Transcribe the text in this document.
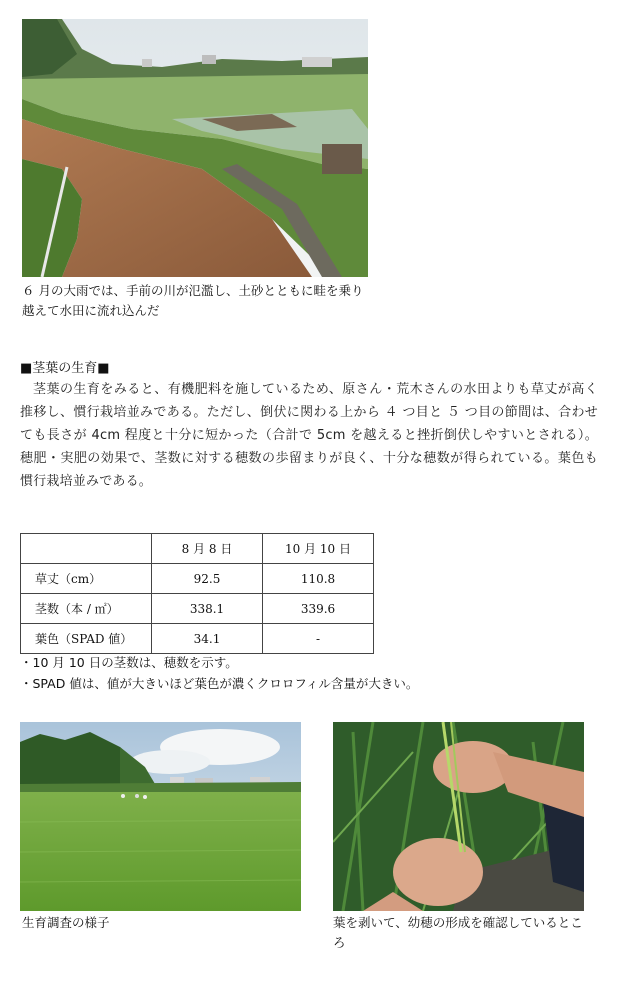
６ 月の大雨では、手前の川が氾濫し、土砂とともに畦を乗り越えて水田に流れ込んだ
■茎葉の生育■
茎葉の生育をみると、有機肥料を施しているため、原さん・荒木さんの水田よりも草丈が高く推移し、慣行栽培並みである。ただし、倒伏に関わる上から ４ つ目と ５ つ目の節間は、合わせても長さが 4cm 程度と十分に短かった（合計で 5cm を越えると挫折倒伏しやすいとされる）。穂肥・実肥の効果で、茎数に対する穂数の歩留まりが良く、十分な穂数が得られている。葉色も慣行栽培並みである。
	8 月 8 日	10 月 10 日
草丈（cm）	92.5	110.8
茎数（本 / ㎡）	338.1	339.6
葉色（SPAD 値）	34.1	-
・10 月 10 日の茎数は、穂数を示す。
・SPAD 値は、値が大きいほど葉色が濃くクロロフィル含量が大きい。
生育調査の様子	葉を剥いて、幼穂の形成を確認しているところ
